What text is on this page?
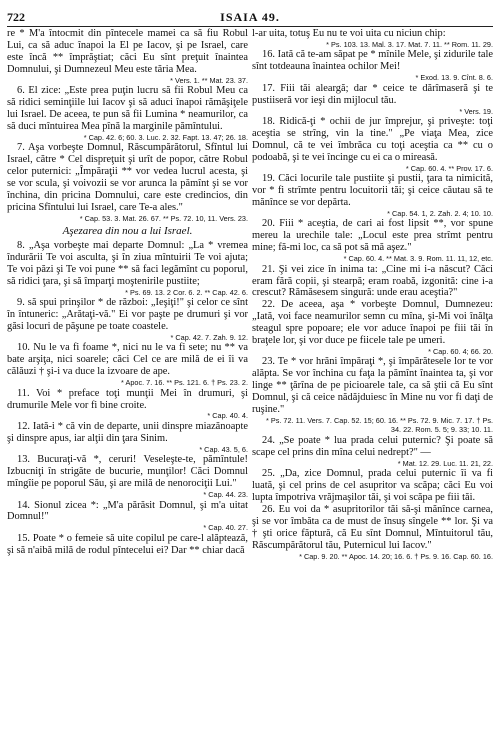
722	ISAIA 49.

re * M'a întocmit din pîntecele mamei ca să fiu Robul Lui, ca să aduc înapoi la El pe Iacov, şi pe Israel, care este încă ** împrăştiat; căci Eu sînt preţuit înaintea Domnului, şi Dumnezeul Meu este tăria Mea.
* Vers. 1. ** Mat. 23. 37.

6. El zice: „Este prea puţin lucru să fii Robul Meu ca să ridici seminţiile lui Iacov şi să aduci înapoi rămăşiţele lui Israel. De aceea, te pun să fii Lumina * neamurilor, ca să duci mîntuirea Mea pînă la marginile pămîntului.
* Cap. 42. 6; 60. 3. Luc. 2. 32. Fapt. 13. 47; 26. 18.

7. Aşa vorbeşte Domnul, Răscumpărătorul, Sfîntul lui Israel, către * Cel dispreţuit şi urît de popor, către Robul celor puternici: „Împăraţii ** vor vedea lucrul acesta, şi se vor scula, şi voivozii se vor arunca la pămînt şi se vor închina, din pricina Domnului, care este credincios, din pricina Sfîntului lui Israel, care Te-a ales."
* Cap. 53. 3. Mat. 26. 67. ** Ps. 72. 10, 11. Vers. 23.

Aşezarea din nou a lui Israel.

8. „Aşa vorbeşte mai departe Domnul: „La * vremea îndurării Te voi asculta, şi în ziua mîntuirii Te voi ajuta; Te voi păzi şi Te voi pune ** să faci legămînt cu poporul, să ridici ţara, şi să împarţi moştenirile pustiite;
* Ps. 69. 13. 2 Cor. 6. 2. ** Cap. 42. 6.

9. să spui prinşilor * de război: „Ieşiţi!" şi celor ce sînt în întuneric: „Arătaţi-vă." Ei vor paşte pe drumuri şi vor găsi locuri de păşune pe toate coastele.
* Cap. 42. 7. Zah. 9. 12.

10. Nu le va fi foame *, nici nu le va fi sete; nu ** va bate arşiţa, nici soarele; căci Cel ce are milă de ei îi va călăuzi † şi-i va duce la izvoare de ape.
* Apoc. 7. 16. ** Ps. 121. 6. † Ps. 23. 2.

11. Voi * preface toţi munţii Mei în drumuri, şi drumurile Mele vor fi bine croite.
* Cap. 40. 4.

12. Iată-i * că vin de departe, unii dinspre miazănoapte şi dinspre apus, iar alţii din ţara Sinim.
* Cap. 43. 5, 6.

13. Bucuraţi-vă *, ceruri! Veseleşte-te, pămîntule! Izbucniţi în strigăte de bucurie, munţilor! Căci Domnul mîngîie pe poporul Său, şi are milă de nenorociţii Lui."
* Cap. 44. 23.

14. Sionul zicea *: „M'a părăsit Domnul, şi m'a uitat Domnul!"
* Cap. 40. 27.

15. Poate * o femeie să uite copilul pe care-l alăptează, şi să n'aibă milă de rodul pîntecelui ei? Dar ** chiar dacă

l-ar uita, totuş Eu nu te voi uita cu niciun chip:
* Ps. 103. 13. Mal. 3. 17. Mat. 7. 11. ** Rom. 11. 29.

16. Iată că te-am săpat pe * mînile Mele, şi zidurile tale sînt totdeauna înaintea ochilor Mei!
* Exod. 13. 9. Cînt. 8. 6.

17. Fiii tăi aleargă; dar * ceice te dărîmaseră şi te pustiiseră vor ieşi din mijlocul tău.
* Vers. 19.

18. Ridică-ţi * ochii de jur împrejur, şi priveşte: toţi aceştia se strîng, vin la tine." „Pe viaţa Mea, zice Domnul, că te vei îmbrăca cu toţi aceştia ca ** cu o podoabă, şi te vei încinge cu ei ca o mireasă.
* Cap. 60. 4. ** Prov. 17. 6.

19. Căci locurile tale pustiite şi pustii, ţara ta nimicită, vor * fi strîmte pentru locuitorii tăi; şi ceice căutau să te mănînce se vor depărta.
* Cap. 54. 1, 2. Zah. 2. 4; 10. 10.

20. Fiii * aceştia, de cari ai fost lipsit **, vor spune mereu la urechile tale: „Locul este prea strîmt pentru mine; fă-mi loc, ca să pot să mă aşez."
* Cap. 60. 4. ** Mat. 3. 9. Rom. 11. 11, 12, etc.

21. Şi vei zice în inima ta: „Cine mi i-a născut? Căci eram fără copii, şi stearpă; eram roabă, izgonită: cine i-a crescut? Rămăsesem singură: unde erau aceştia?"

22. De aceea, aşa * vorbeşte Domnul, Dumnezeu: „Iată, voi face neamurilor semn cu mîna, şi-Mi voi înălţa steagul spre popoare; ele vor aduce înapoi pe fiii tăi în braţele lor, şi vor duce pe fiicele tale pe umeri.
* Cap. 60. 4; 66. 20.

23. Te * vor hrăni împăraţi *, şi împărătesele lor te vor alăpta. Se vor închina cu faţa la pămînt înaintea ta, şi vor linge ** ţărîna de pe picioarele tale, ca să ştii că Eu sînt Domnul, şi că ceice nădăjduiesc în Mine nu vor fi daţi de ruşine."
* Ps. 72. 11. Vers. 7. Cap. 52. 15; 60. 16. ** Ps. 72. 9. Mic. 7. 17. † Ps. 34. 22. Rom. 5. 5; 9. 33; 10. 11.

24. „Se poate * lua prada celui puternic? Şi poate să scape cel prins din mîna celui nedrept?" —
* Mat. 12. 29. Luc. 11. 21, 22.

25. „Da, zice Domnul, prada celui puternic îi va fi luată, şi cel prins de cel asupritor va scăpa; căci Eu voi lupta împotriva vrăjmaşilor tăi, şi voi scăpa pe fiii tăi.

26. Eu voi da * asupritorilor tăi să-şi mănînce carnea, şi se vor îmbăta ca de must de însuş sîngele ** lor. Şi va † şti orice făptură, că Eu sînt Domnul, Mîntuitorul tău, Răscumpărătorul tău, Puternicul lui Iacov."
* Cap. 9. 20. ** Apoc. 14. 20; 16. 6. † Ps. 9. 16. Cap. 60. 16.
